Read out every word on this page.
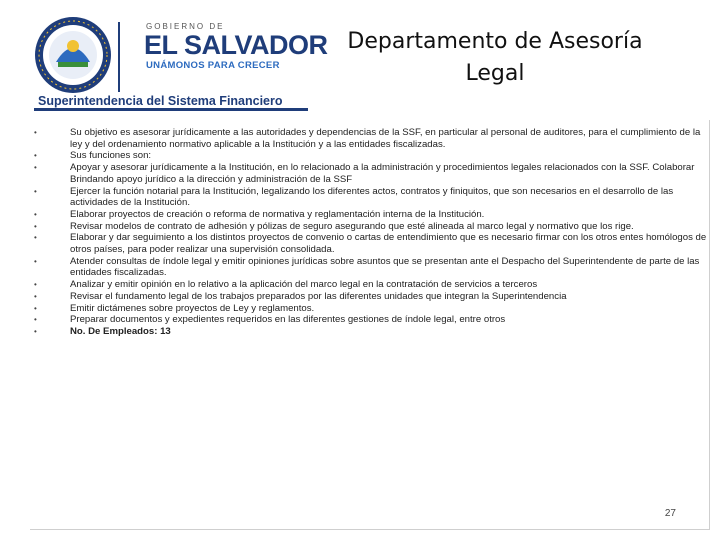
GOBIERNO DE
EL SALVADOR
UNÁMONOS PARA CRECER
Superintendencia del Sistema Financiero
Departamento de Asesoría
Legal
•	Su objetivo es asesorar jurídicamente a las autoridades y dependencias de la SSF, en particular al personal de auditores, para el cumplimiento de la ley y del ordenamiento normativo aplicable a la Institución y a las entidades fiscalizadas.
•	Sus funciones son:
•	Apoyar y asesorar jurídicamente a la Institución, en lo relacionado a la administración y procedimientos legales relacionados con la SSF. Colaborar Brindando apoyo jurídico a la dirección y administración de la SSF
•	Ejercer la función notarial para la Institución, legalizando los diferentes actos, contratos y finiquitos, que son necesarios en el desarrollo de las actividades de la Institución.
•	Elaborar proyectos de creación o reforma de normativa y reglamentación interna de la Institución.
•	Revisar modelos de contrato de adhesión y pólizas de seguro asegurando que esté alineada al marco legal y normativo que los rige.
•	Elaborar y dar seguimiento a los distintos proyectos de convenio o cartas de entendimiento que es necesario firmar con los otros entes homólogos de otros países, para poder realizar una supervisión consolidada.
•	Atender consultas de índole legal y emitir opiniones jurídicas sobre asuntos que se presentan ante el Despacho del Superintendente de parte de las entidades fiscalizadas.
•	Analizar y emitir opinión en lo relativo a la aplicación del marco legal en la contratación de servicios a terceros
•	Revisar el fundamento legal de los trabajos preparados por las diferentes unidades que integran la Superintendencia
•	Emitir dictámenes sobre proyectos de Ley y reglamentos.
•	Preparar documentos y expedientes requeridos en las diferentes gestiones de índole legal, entre otros
•	No. De Empleados: 13
27
